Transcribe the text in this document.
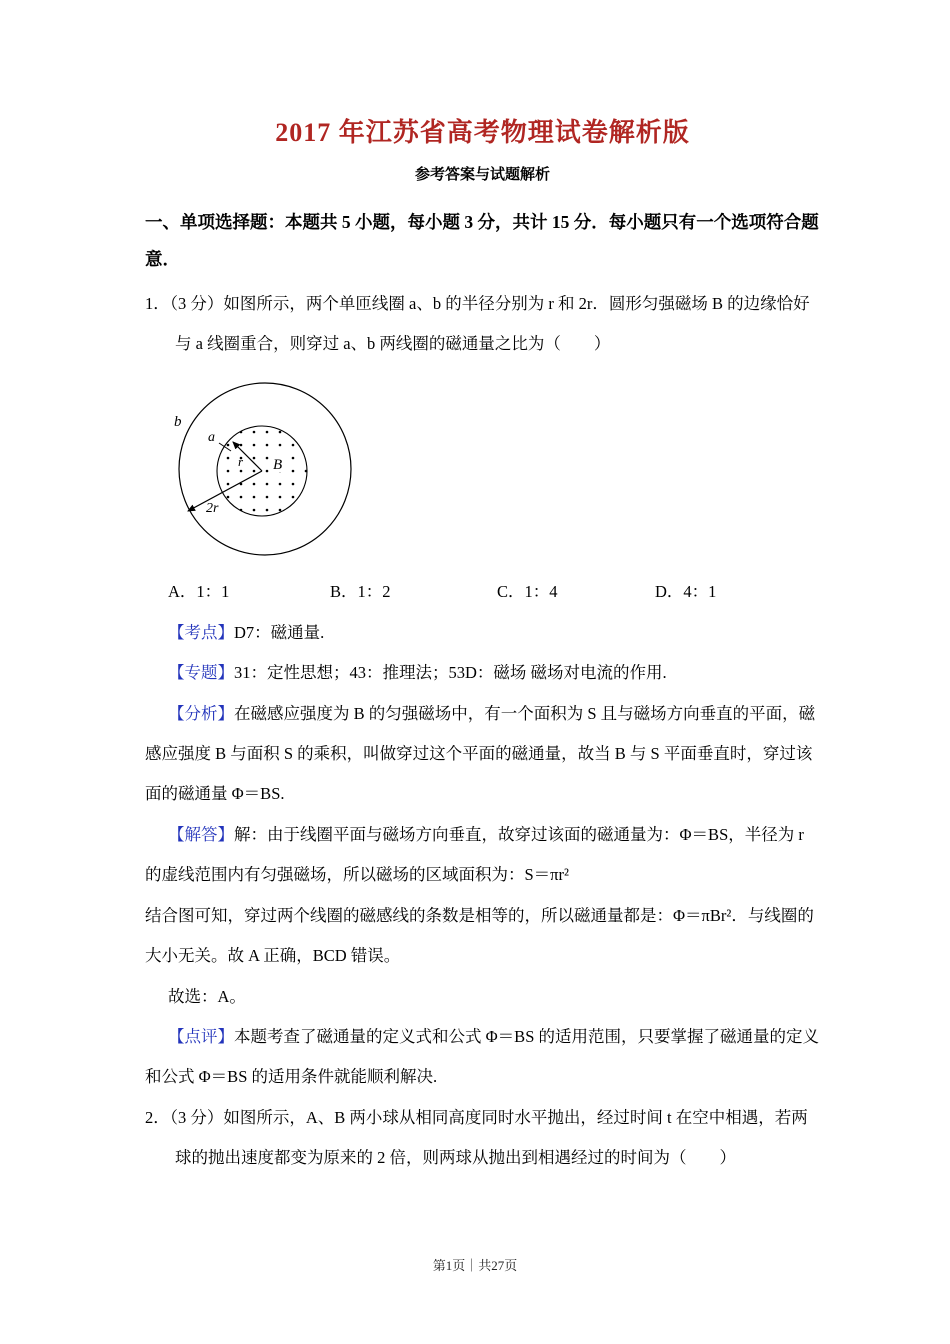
2017 年江苏省高考物理试卷解析版
参考答案与试题解析

一、单项选择题：本题共 5 小题，每小题 3 分，共计 15 分．每小题只有一个选项符合题意．

1．（3 分）如图所示，两个单匝线圈 a、b 的半径分别为 r 和 2r．圆形匀强磁场 B 的边缘恰好与 a 线圈重合，则穿过 a、b 两线圈的磁通量之比为（　　）

b
a
r B
2r
A．1：1	B．1：2	C．1：4	D．4：1

【考点】D7：磁通量.

【专题】31：定性思想；43：推理法；53D：磁场 磁场对电流的作用.

【分析】在磁感应强度为 B 的匀强磁场中，有一个面积为 S 且与磁场方向垂直的平面，磁感应强度 B 与面积 S 的乘积，叫做穿过这个平面的磁通量，故当 B 与 S 平面垂直时，穿过该面的磁通量 Φ＝BS.

【解答】解：由于线圈平面与磁场方向垂直，故穿过该面的磁通量为：Φ＝BS，半径为 r 的虚线范围内有匀强磁场，所以磁场的区域面积为：S＝πr²

结合图可知，穿过两个线圈的磁感线的条数是相等的，所以磁通量都是：Φ＝πBr²．与线圈的大小无关。故 A 正确，BCD 错误。

故选：A。

【点评】本题考查了磁通量的定义式和公式 Φ＝BS 的适用范围，只要掌握了磁通量的定义和公式 Φ＝BS 的适用条件就能顺利解决.

2．（3 分）如图所示，A、B 两小球从相同高度同时水平抛出，经过时间 t 在空中相遇，若两球的抛出速度都变为原来的 2 倍，则两球从抛出到相遇经过的时间为（　　）

第1页｜共27页
